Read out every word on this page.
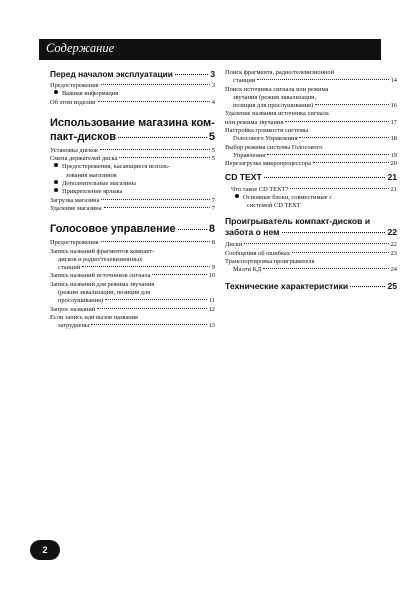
Содержание
Перед началом эксплуатации	3
Предостережения	3
Важная информация
Об этом изделии	4
Использование магазина ком-
пакт-дисков	5
Установка дисков	5
Смена держателей диска	5
Предостережения, касающиеся исполь-
зования магазинов
Дополнительные магазины
Прикрепление ярлыка
Загрузка магазина	7
Удаление магазина	7
Голосовое управление	8
Предостережения	8
Запись названий фрагментов компакт-
дисков и радио/телевизионных
станций	9
Запись названий источников сигнала	10
Запись названий для режима звучания
(режим эквализации, позиция для
прослушивания)	11
Запрос названий	12
Если запись или вызов названия
затруднены	13
Поиск фрагмента, радио/телевизионной
станции	14
Поиск источника сигнала или режима
звучания (режим эквализации,
позиция для прослушивания)	16
Удаление названия источника сигнала
или режима звучания	17
Настройка громкости системы
Голосового Управления	18
Выбор режима системы Голосового
Управления	19
Перезагрузка микропроцессора	20
CD TEXT	21
Что такое CD TEXT?	21
Основные блоки, совместимые с
системой CD TEXT
Проигрыватель компакт-дисков и
забота о нем	22
Диски	22
Сообщения об ошибках	23
Транспортировка проигрывателя
Малти КД	24
Технические характеристики	25
2
